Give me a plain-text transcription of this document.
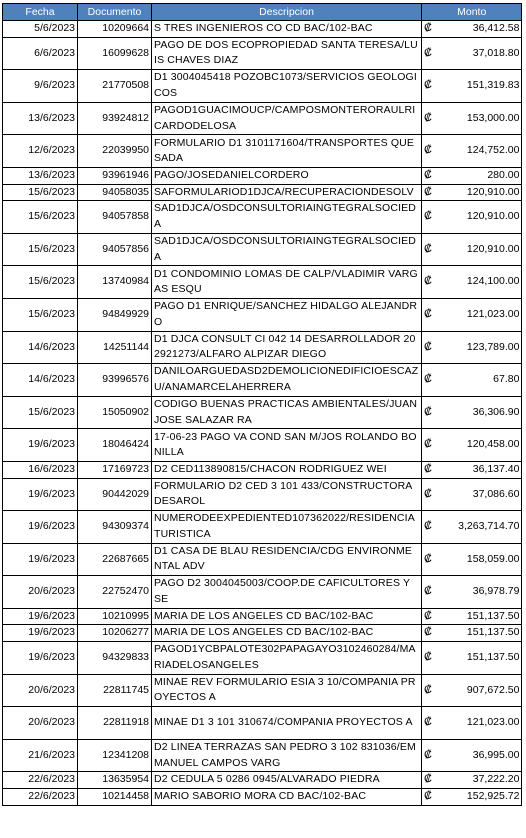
Fecha	Documento	Descripcion	Monto	
5/6/2023	10209664	S TRES INGENIEROS CO CD BAC/102-BAC	₡	36,412.58
6/6/2023	16099628	PAGO DE DOS ECOPROPIEDAD SANTA TERESA/LUIS CHAVES DIAZ	₡	37,018.80
9/6/2023	21770508	D1 3004045418 POZOBC1073/SERVICIOS GEOLOGICOS	₡	151,319.83
13/6/2023	93924812	PAGOD1GUACIMOUCP/CAMPOSMONTERORAULRICARDODELOSA	₡	153,000.00
12/6/2023	22039950	FORMULARIO D1 3101171604/TRANSPORTES QUESADA	₡	124,752.00
13/6/2023	93961946	PAGO/JOSEDANIELCORDERO	₡	280.00
15/6/2023	94058035	SAFORMULARIOD1DJCA/RECUPERACIONDESOLV	₡	120,910.00
15/6/2023	94057858	SAD1DJCA/OSDCONSULTORIAINGTEGRALSOCIEDA	₡	120,910.00
15/6/2023	94057856	SAD1DJCA/OSDCONSULTORIAINGTEGRALSOCIEDA	₡	120,910.00
15/6/2023	13740984	D1 CONDOMINIO LOMAS DE CALP/VLADIMIR VARGAS ESQU	₡	124,100.00
15/6/2023	94849929	PAGO D1 ENRIQUE/SANCHEZ HIDALGO ALEJANDRO	₡	121,023.00
14/6/2023	14251144	D1 DJCA CONSULT CI 042 14 DESARROLLADOR 202921273/ALFARO ALPIZAR DIEGO	₡	123,789.00
14/6/2023	93996576	DANILOARGUEDASD2DEMOLICIONEDIFICIOESCAZU/ANAMARCELAHERRERA	₡	67.80
15/6/2023	15050902	CODIGO BUENAS PRACTICAS AMBIENTALES/JUAN JOSE SALAZAR RA	₡	36,306.90
19/6/2023	18046424	17-06-23 PAGO VA COND SAN M/JOS ROLANDO BONILLA	₡	120,458.00
16/6/2023	17169723	D2 CED113890815/CHACON RODRIGUEZ WEI	₡	36,137.40
19/6/2023	90442029	FORMULARIO D2 CED 3 101 433/CONSTRUCTORA DESAROL	₡	37,086.60
19/6/2023	94309374	NUMERODEEXPEDIENTED107362022/RESIDENCIATURISTICA	₡	3,263,714.70
19/6/2023	22687665	D1 CASA DE BLAU RESIDENCIA/CDG ENVIRONMENTAL ADV	₡	158,059.00
20/6/2023	22752470	PAGO D2 3004045003/COOP.DE CAFICULTORES Y SE	₡	36,978.79
19/6/2023	10210995	MARIA DE LOS ANGELES CD BAC/102-BAC	₡	151,137.50
19/6/2023	10206277	MARIA DE LOS ANGELES CD BAC/102-BAC	₡	151,137.50
19/6/2023	94329833	PAGOD1YCBPALOTE302PAPAGAYO3102460284/MARIADELOSANGELES	₡	151,137.50
20/6/2023	22811745	MINAE REV FORMULARIO ESIA 3 10/COMPANIA PROYECTOS A	₡	907,672.50
20/6/2023	22811918	MINAE D1 3 101 310674/COMPANIA PROYECTOS A	₡	121,023.00
21/6/2023	12341208	D2 LINEA TERRAZAS SAN PEDRO 3 102 831036/EMMANUEL CAMPOS VARG	₡	36,995.00
22/6/2023	13635954	D2 CEDULA 5 0286 0945/ALVARADO PIEDRA	₡	37,222.20
22/6/2023	10214458	MARIO SABORIO MORA CD BAC/102-BAC	₡	152,925.72
